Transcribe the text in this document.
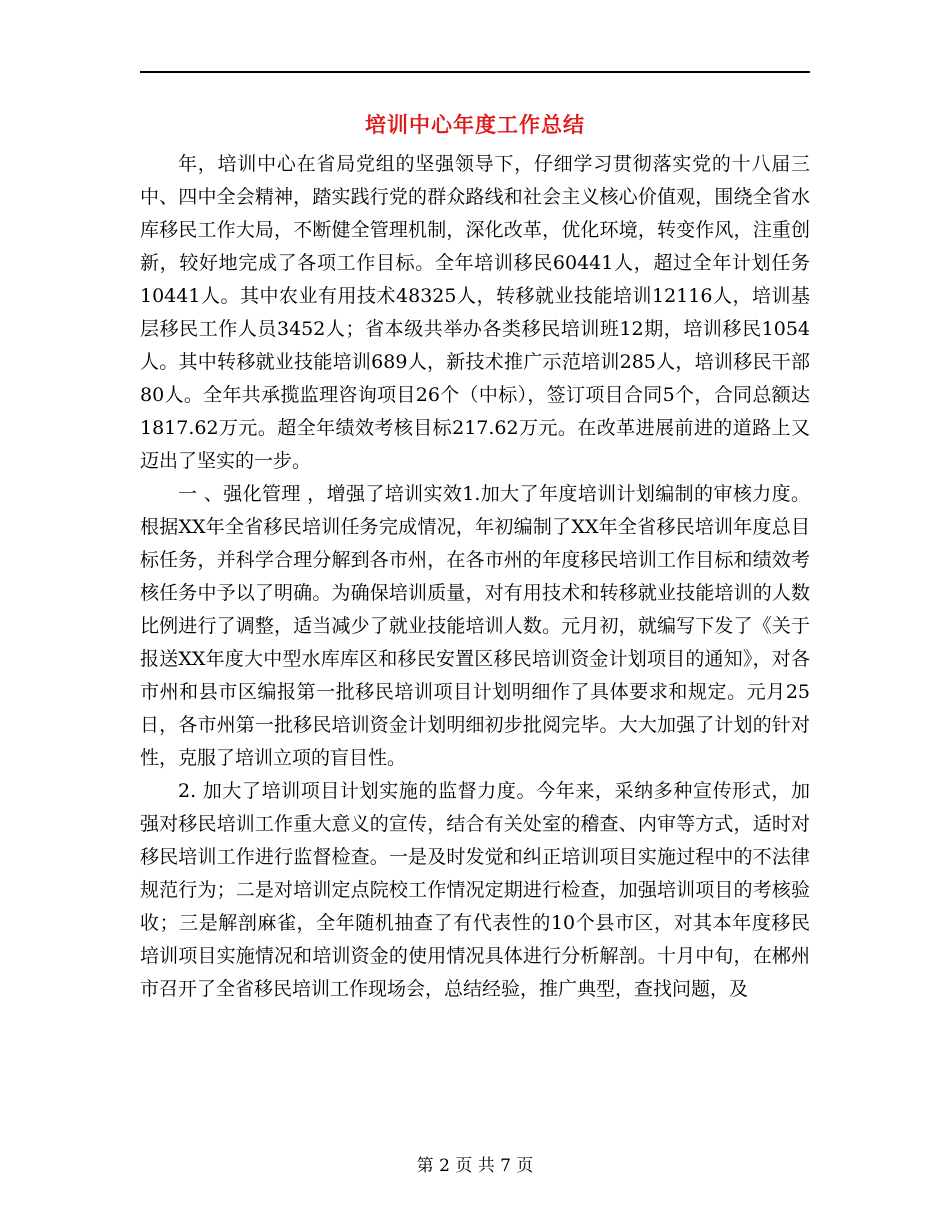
培训中心年度工作总结

年，培训中心在省局党组的坚强领导下，仔细学习贯彻落实党的十八届三中、四中全会精神，踏实践行党的群众路线和社会主义核心价值观，围绕全省水库移民工作大局，不断健全管理机制，深化改革，优化环境，转变作风，注重创新，较好地完成了各项工作目标。全年培训移民60441人，超过全年计划任务10441人。其中农业有用技术48325人，转移就业技能培训12116人，培训基层移民工作人员3452人；省本级共举办各类移民培训班12期，培训移民1054人。其中转移就业技能培训689人，新技术推广示范培训285人，培训移民干部80人。全年共承揽监理咨询项目26个（中标），签订项目合同5个，合同总额达1817.62万元。超全年绩效考核目标217.62万元。在改革进展前进的道路上又迈出了坚实的一步。

一 、强化管理 ，增强了培训实效1.加大了年度培训计划编制的审核力度。根据XX年全省移民培训任务完成情况，年初编制了XX年全省移民培训年度总目标任务，并科学合理分解到各市州，在各市州的年度移民培训工作目标和绩效考核任务中予以了明确。为确保培训质量，对有用技术和转移就业技能培训的人数比例进行了调整，适当减少了就业技能培训人数。元月初，就编写下发了《关于报送XX年度大中型水库库区和移民安置区移民培训资金计划项目的通知》，对各市州和县市区编报第一批移民培训项目计划明细作了具体要求和规定。元月25日，各市州第一批移民培训资金计划明细初步批阅完毕。大大加强了计划的针对性，克服了培训立项的盲目性。

2. 加大了培训项目计划实施的监督力度。今年来，采纳多种宣传形式，加强对移民培训工作重大意义的宣传，结合有关处室的稽查、内审等方式，适时对移民培训工作进行监督检查。一是及时发觉和纠正培训项目实施过程中的不法律规范行为；二是对培训定点院校工作情况定期进行检查，加强培训项目的考核验收；三是解剖麻雀，全年随机抽查了有代表性的10个县市区，对其本年度移民培训项目实施情况和培训资金的使用情况具体进行分析解剖。十月中旬，在郴州市召开了全省移民培训工作现场会，总结经验，推广典型，查找问题，及

第 2 页 共 7 页
